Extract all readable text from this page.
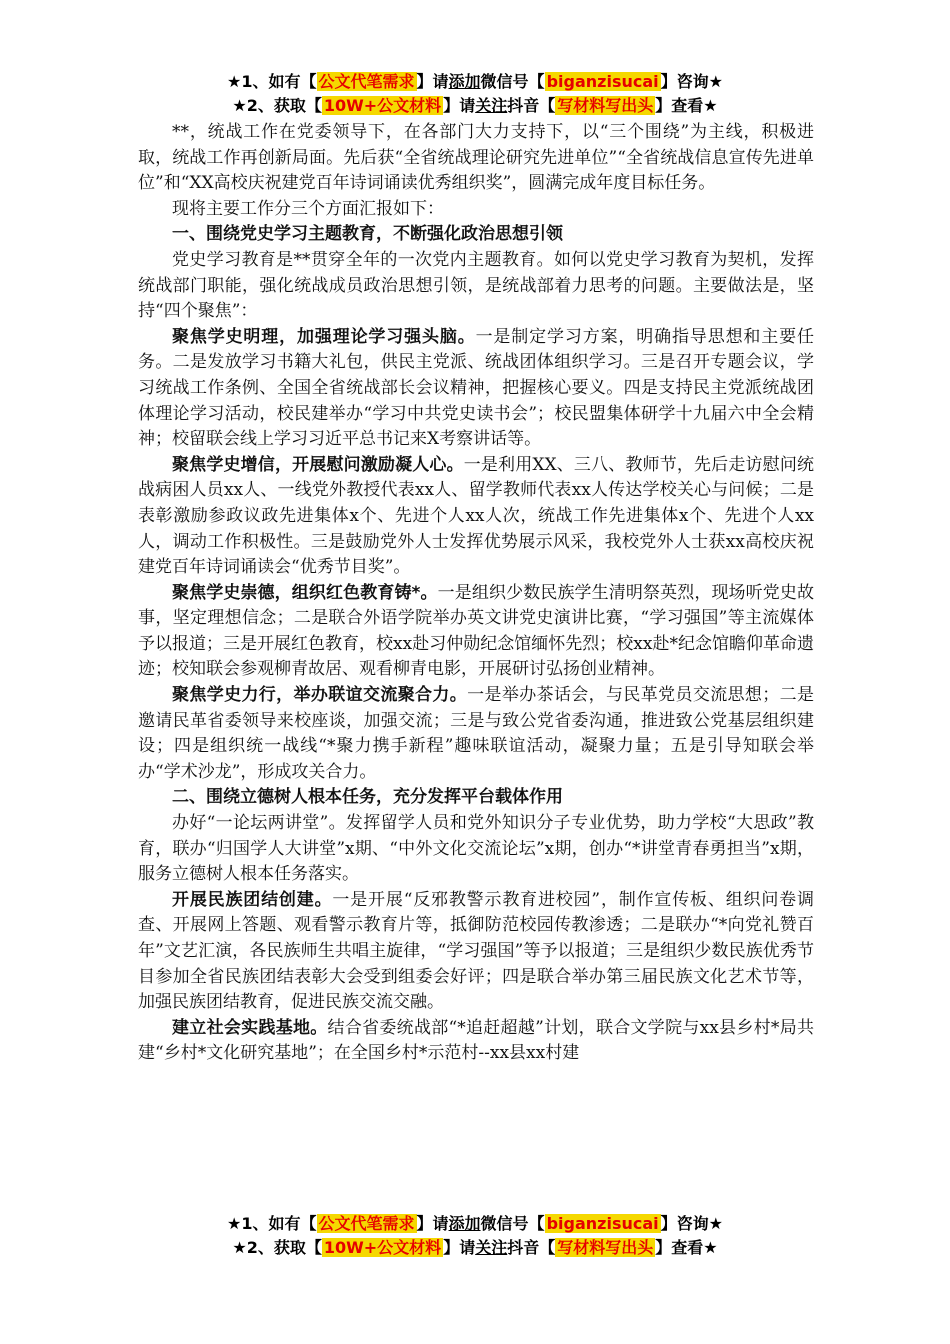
★1、如有【 公文代笔需求 】请添加微信号【 biganzisucai 】咨询★
★2、获取【 10W+公文材料 】请关注抖音【 写材料写出头 】查看★

**，统战工作在党委领导下，在各部门大力支持下，以“三个围绕”为主线，积极进取，统战工作再创新局面。先后获“全省统战理论研究先进单位”“全省统战信息宣传先进单位”和“XX高校庆祝建党百年诗词诵读优秀组织奖”，圆满完成年度目标任务。

现将主要工作分三个方面汇报如下：

一、围绕党史学习主题教育，不断强化政治思想引领

党史学习教育是**贯穿全年的一次党内主题教育。如何以党史学习教育为契机，发挥统战部门职能，强化统战成员政治思想引领，是统战部着力思考的问题。主要做法是，坚持“四个聚焦”：

聚焦学史明理，加强理论学习强头脑。一是制定学习方案，明确指导思想和主要任务。二是发放学习书籍大礼包，供民主党派、统战团体组织学习。三是召开专题会议，学习统战工作条例、全国全省统战部长会议精神，把握核心要义。四是支持民主党派统战团体理论学习活动，校民建举办“学习中共党史读书会”；校民盟集体研学十九届六中全会精神；校留联会线上学习习近平总书记来X考察讲话等。

聚焦学史增信，开展慰问激励凝人心。一是利用XX、三八、教师节，先后走访慰问统战病困人员xx人、一线党外教授代表xx人、留学教师代表xx人传达学校关心与问候；二是表彰激励参政议政先进集体x个、先进个人xx人次，统战工作先进集体x个、先进个人xx人，调动工作积极性。三是鼓励党外人士发挥优势展示风采，我校党外人士获xx高校庆祝建党百年诗词诵读会“优秀节目奖”。

聚焦学史崇德，组织红色教育铸*。一是组织少数民族学生清明祭英烈，现场听党史故事，坚定理想信念；二是联合外语学院举办英文讲党史演讲比赛，“学习强国”等主流媒体予以报道；三是开展红色教育，校xx赴习仲勋纪念馆缅怀先烈；校xx赴*纪念馆瞻仰革命遗迹；校知联会参观柳青故居、观看柳青电影，开展研讨弘扬创业精神。

聚焦学史力行，举办联谊交流聚合力。一是举办茶话会，与民革党员交流思想；二是邀请民革省委领导来校座谈，加强交流；三是与致公党省委沟通，推进致公党基层组织建设；四是组织统一战线“*聚力携手新程”趣味联谊活动，凝聚力量；五是引导知联会举办“学术沙龙”，形成攻关合力。

二、围绕立德树人根本任务，充分发挥平台载体作用

办好“一论坛两讲堂”。发挥留学人员和党外知识分子专业优势，助力学校“大思政”教育，联办“归国学人大讲堂”x期、“中外文化交流论坛”x期，创办“*讲堂青春勇担当”x期，服务立德树人根本任务落实。

开展民族团结创建。一是开展“反邪教警示教育进校园”，制作宣传板、组织问卷调查、开展网上答题、观看警示教育片等，抵御防范校园传教渗透；二是联办“*向党礼赞百年”文艺汇演，各民族师生共唱主旋律，“学习强国”等予以报道；三是组织少数民族优秀节目参加全省民族团结表彰大会受到组委会好评；四是联合举办第三届民族文化艺术节等，加强民族团结教育，促进民族交流交融。

建立社会实践基地。结合省委统战部“*追赶超越”计划，联合文学院与xx县乡村*局共建“乡村*文化研究基地”；在全国乡村*示范村--xx县xx村建

★1、如有【 公文代笔需求 】请添加微信号【 biganzisucai 】咨询★
★2、获取【 10W+公文材料 】请关注抖音【 写材料写出头 】查看★
